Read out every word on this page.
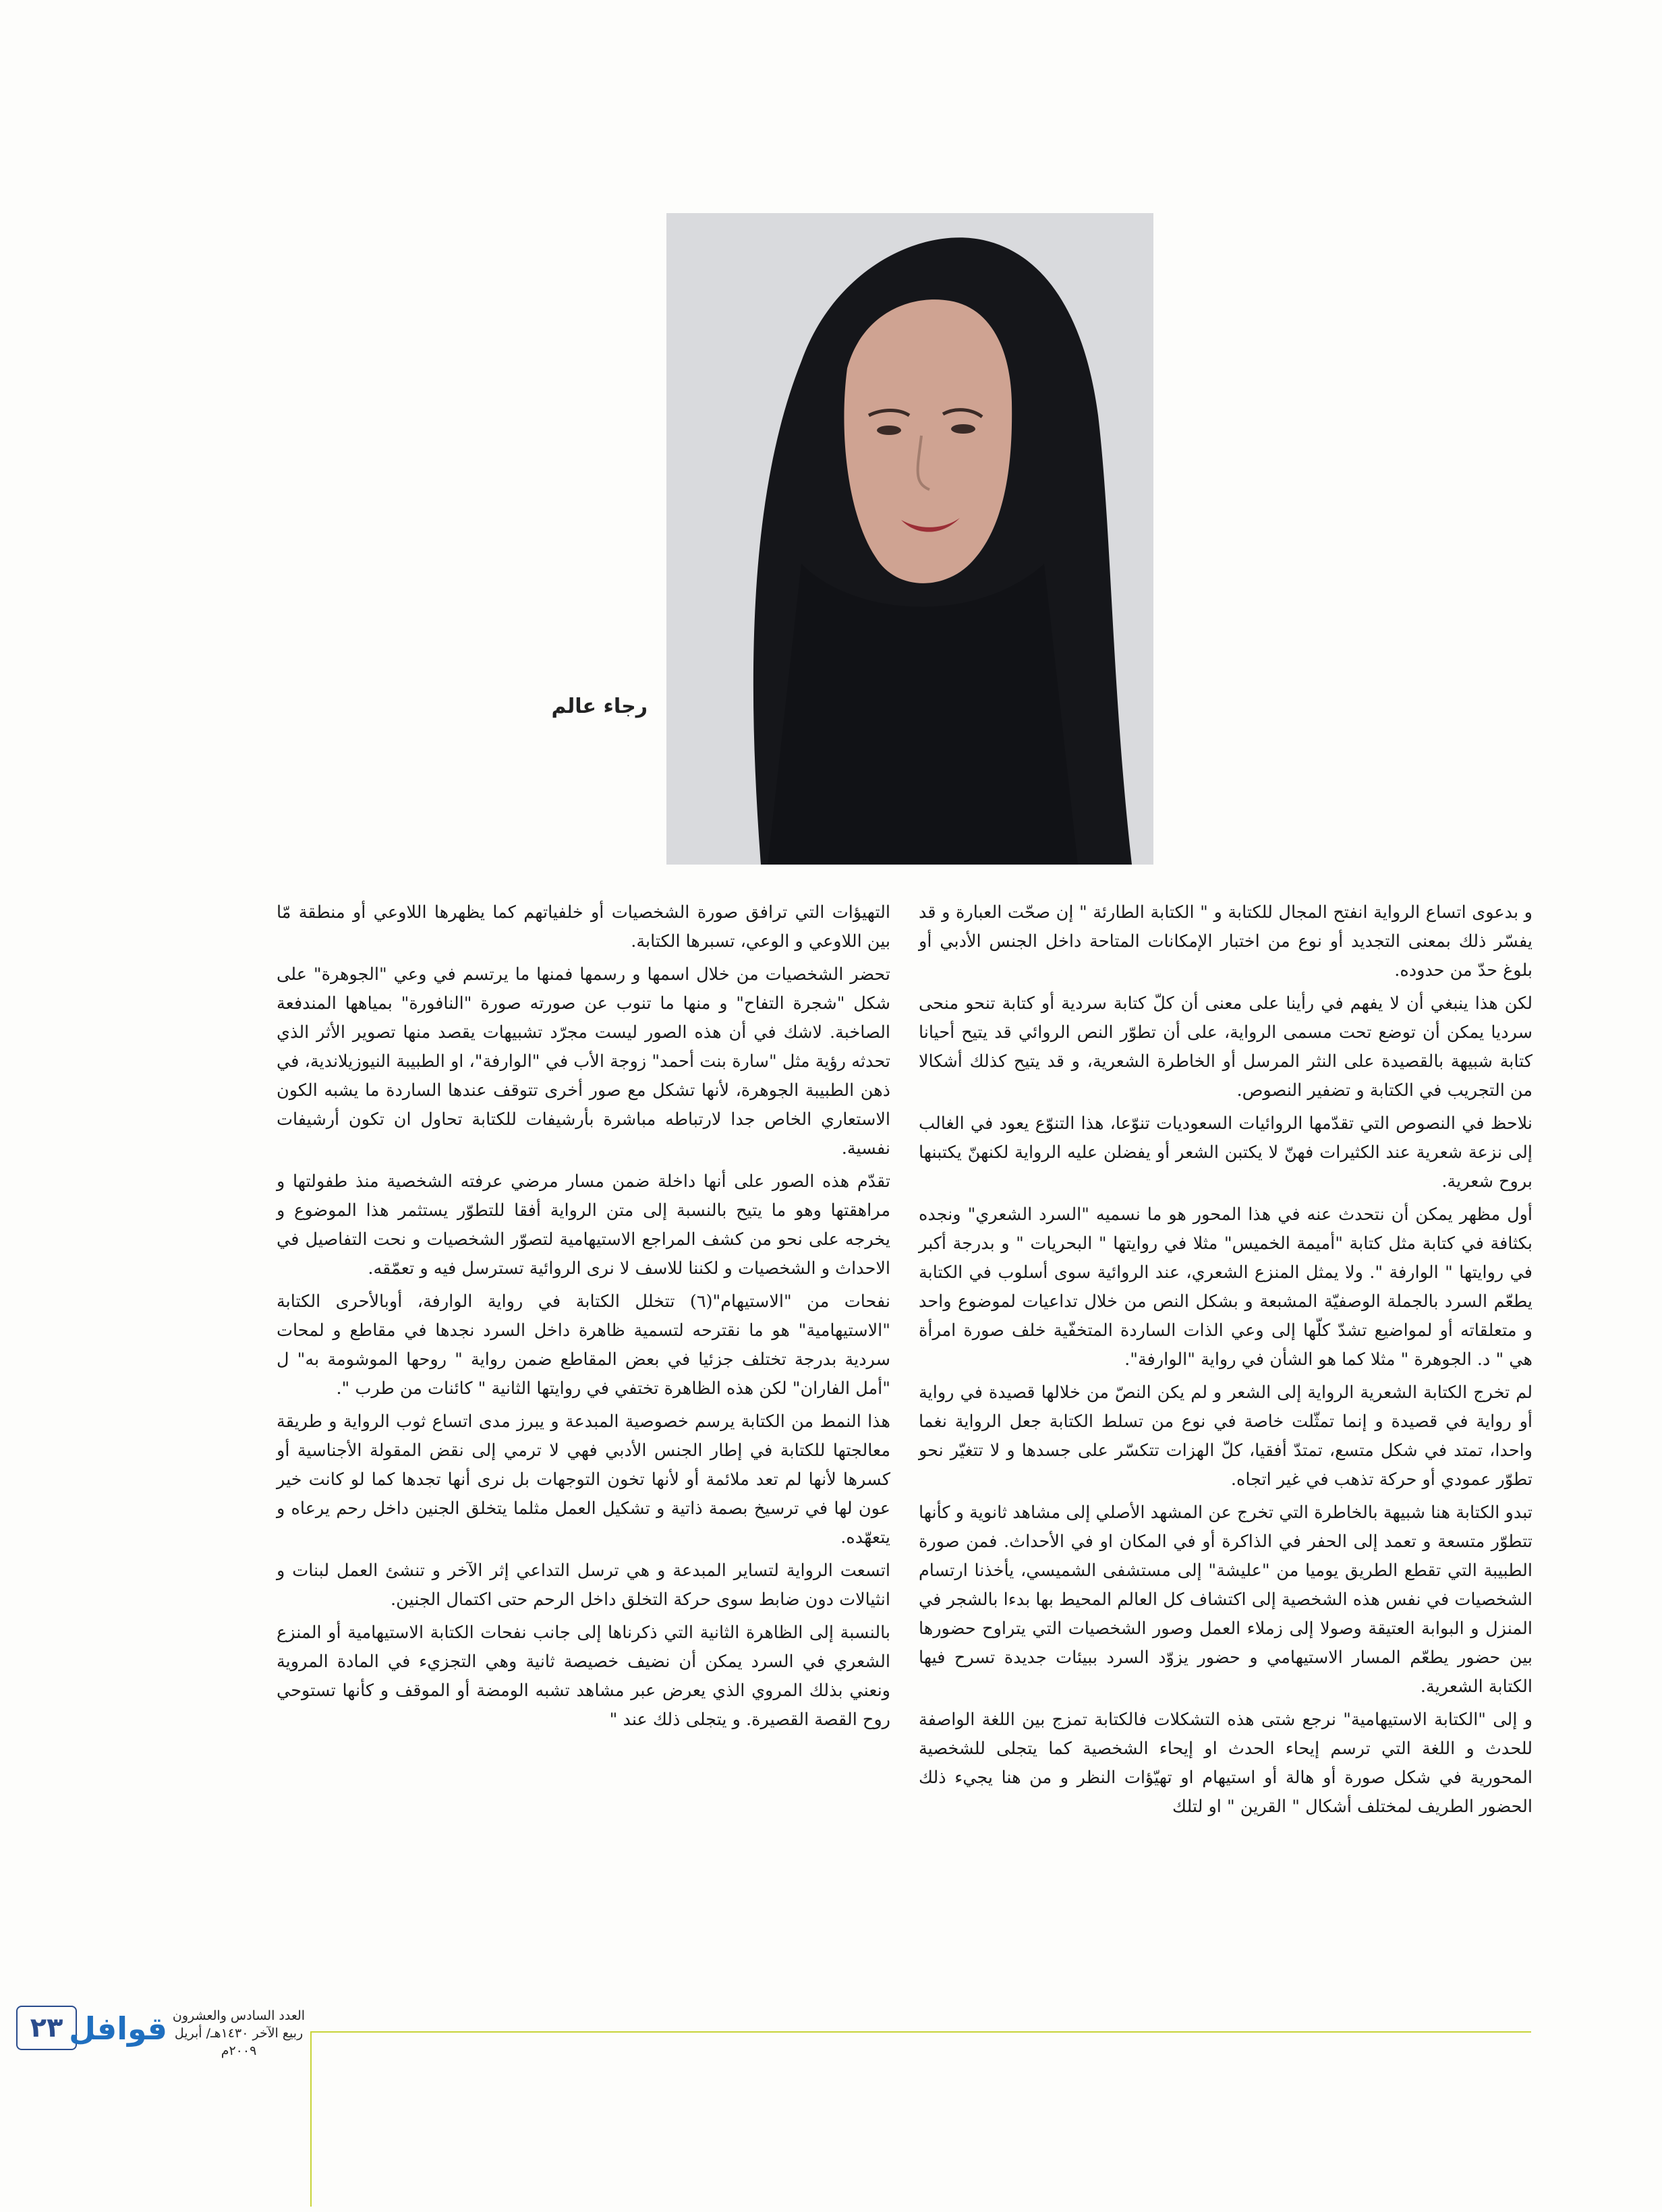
رجاء عالم

و بدعوى اتساع الرواية انفتح المجال للكتابة و " الكتابة الطارئة " إن صحّت العبارة و قد يفسّر ذلك بمعنى التجديد أو نوع من اختبار الإمكانات المتاحة داخل الجنس الأدبي أو بلوغ حدّ من حدوده.

لكن هذا ينبغي أن لا يفهم في رأينا على معنى أن كلّ كتابة سردية أو كتابة تنحو منحى سرديا يمكن أن توضع تحت مسمى الرواية، على أن تطوّر النص الروائي قد يتيح أحيانا كتابة شبيهة بالقصيدة على النثر المرسل أو الخاطرة الشعرية، و قد يتيح كذلك أشكالا من التجريب في الكتابة و تضفير النصوص.

نلاحظ في النصوص التي تقدّمها الروائيات السعوديات تنوّعا، هذا التنوّع يعود في الغالب إلى نزعة شعرية عند الكثيرات فهنّ لا يكتبن الشعر أو يفضلن عليه الرواية لكنهنّ يكتبنها بروح شعرية.

أول مظهر يمكن أن نتحدث عنه في هذا المحور هو ما نسميه "السرد الشعري" ونجده بكثافة في كتابة مثل كتابة "أميمة الخميس" مثلا في روايتها " البحريات " و بدرجة أكبر في روايتها " الوارفة ". ولا يمثل المنزع الشعري، عند الروائية سوى أسلوب في الكتابة يطعّم السرد بالجملة الوصفيّة المشبعة و بشكل النص من خلال تداعيات لموضوع واحد و متعلقاته أو لمواضيع تشدّ كلّها إلى وعي الذات الساردة المتخفّية خلف صورة امرأة هي " د. الجوهرة " مثلا كما هو الشأن في رواية "الوارفة".

لم تخرج الكتابة الشعرية الرواية إلى الشعر و لم يكن النصّ من خلالها قصيدة في رواية أو رواية في قصيدة و إنما تمثّلت خاصة في نوع من تسلط الكتابة جعل الرواية نغما واحدا، تمتد في شكل متسع، تمتدّ أفقيا، كلّ الهزات تتكسّر على جسدها و لا تتغيّر نحو تطوّر عمودي أو حركة تذهب في غير اتجاه.

تبدو الكتابة هنا شبيهة بالخاطرة التي تخرج عن المشهد الأصلي إلى مشاهد ثانوية و كأنها تتطوّر متسعة و تعمد إلى الحفر في الذاكرة أو في المكان او في الأحداث. فمن صورة الطبيبة التي تقطع الطريق يوميا من "عليشة" إلى مستشفى الشميسي، يأخذنا ارتسام الشخصيات في نفس هذه الشخصية إلى اكتشاف كل العالم المحيط بها بدءا بالشجر في المنزل و البوابة العتيقة وصولا إلى زملاء العمل وصور الشخصيات التي يتراوح حضورها بين حضور يطعّم المسار الاستيهامي و حضور يزوّد السرد ببيئات جديدة تسرح فيها الكتابة الشعرية.

و إلى "الكتابة الاستيهامية" نرجع شتى هذه التشكلات فالكتابة تمزج بين اللغة الواصفة للحدث و اللغة التي ترسم إيحاء الحدث او إيحاء الشخصية كما يتجلى للشخصية المحورية في شكل صورة أو هالة أو استيهام او تهيّؤات النظر و من هنا يجيء ذلك الحضور الطريف لمختلف أشكال " القرين " او لتلك

التهيؤات التي ترافق صورة الشخصيات أو خلفياتهم كما يظهرها اللاوعي أو منطقة مّا بين اللاوعي و الوعي، تسبرها الكتابة.

تحضر الشخصيات من خلال اسمها و رسمها فمنها ما يرتسم في وعي "الجوهرة" على شكل "شجرة التفاح" و منها ما تنوب عن صورته صورة "النافورة" بمياهها المندفعة الصاخبة. لاشك في أن هذه الصور ليست مجرّد تشبيهات يقصد منها تصوير الأثر الذي تحدثه رؤية مثل "سارة بنت أحمد" زوجة الأب في "الوارفة"، او الطبيبة النيوزيلاندية، في ذهن الطبيبة الجوهرة، لأنها تشكل مع صور أخرى تتوقف عندها الساردة ما يشبه الكون الاستعاري الخاص جدا لارتباطه مباشرة بأرشيفات للكتابة تحاول ان تكون أرشيفات نفسية.

تقدّم هذه الصور على أنها داخلة ضمن مسار مرضي عرفته الشخصية منذ طفولتها و مراهقتها وهو ما يتيح بالنسبة إلى متن الرواية أفقا للتطوّر يستثمر هذا الموضوع و يخرجه على نحو من كشف المراجع الاستيهامية لتصوّر الشخصيات و نحت التفاصيل في الاحداث و الشخصيات و لكننا للاسف لا نرى الروائية تسترسل فيه و تعمّقه.

نفحات من "الاستيهام"(٦) تتخلل الكتابة في رواية الوارفة، أوبالأحرى الكتابة "الاستيهامية" هو ما نقترحه لتسمية ظاهرة داخل السرد نجدها في مقاطع و لمحات سردية بدرجة تختلف جزئيا في بعض المقاطع ضمن رواية " روحها الموشومة به" ل "أمل الفاران" لكن هذه الظاهرة تختفي في روايتها الثانية " كائنات من طرب ".

هذا النمط من الكتابة يرسم خصوصية المبدعة و يبرز مدى اتساع ثوب الرواية و طريقة معالجتها للكتابة في إطار الجنس الأدبي فهي لا ترمي إلى نقض المقولة الأجناسية أو كسرها لأنها لم تعد ملائمة أو لأنها تخون التوجهات بل نرى أنها تجدها كما لو كانت خير عون لها في ترسيخ بصمة ذاتية و تشكيل العمل مثلما يتخلق الجنين داخل رحم يرعاه و يتعهّده.

اتسعت الرواية لتساير المبدعة و هي ترسل التداعي إثر الآخر و تنشئ العمل لبنات و انثيالات دون ضابط سوى حركة التخلق داخل الرحم حتى اكتمال الجنين.

بالنسبة إلى الظاهرة الثانية التي ذكرناها إلى جانب نفحات الكتابة الاستيهامية أو المنزع الشعري في السرد يمكن أن نضيف خصيصة ثانية وهي التجزيء في المادة المروية ونعني بذلك المروي الذي يعرض عبر مشاهد تشبه الومضة أو الموقف و كأنها تستوحي روح القصة القصيرة. و يتجلى ذلك عند "

٢٣ قوافل العدد السادس والعشرون
ربيع الآخر ١٤٣٠هـ/ أبريل ٢٠٠٩م
